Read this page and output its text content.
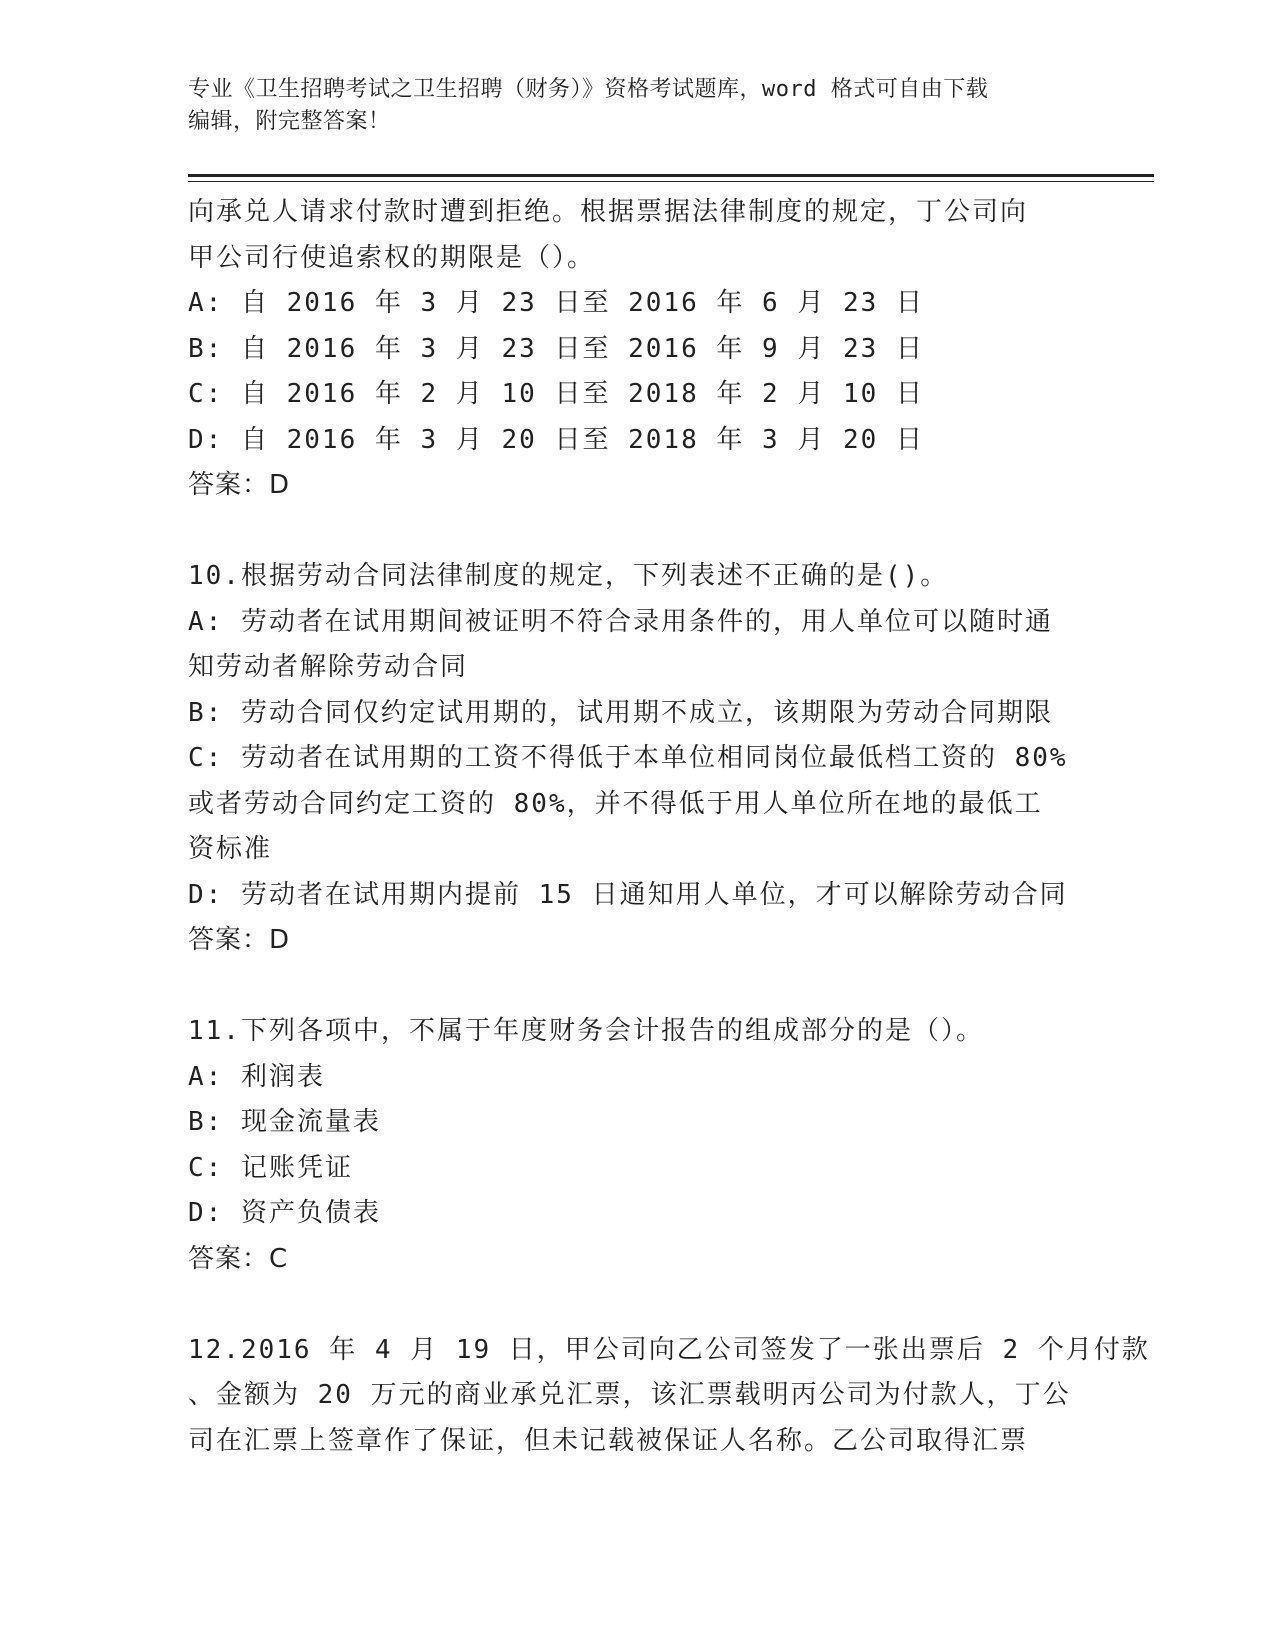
专业《卫生招聘考试之卫生招聘（财务）》资格考试题库，word 格式可自由下载
编辑，附完整答案！
向承兑人请求付款时遭到拒绝。根据票据法律制度的规定，丁公司向
甲公司行使追索权的期限是（）。
A: 自 2016 年 3 月 23 日至 2016 年 6 月 23 日
B: 自 2016 年 3 月 23 日至 2016 年 9 月 23 日
C: 自 2016 年 2 月 10 日至 2018 年 2 月 10 日
D: 自 2016 年 3 月 20 日至 2018 年 3 月 20 日
答案：D
10.根据劳动合同法律制度的规定，下列表述不正确的是()。
A: 劳动者在试用期间被证明不符合录用条件的，用人单位可以随时通
知劳动者解除劳动合同
B: 劳动合同仅约定试用期的，试用期不成立，该期限为劳动合同期限
C: 劳动者在试用期的工资不得低于本单位相同岗位最低档工资的 80%
或者劳动合同约定工资的 80%，并不得低于用人单位所在地的最低工
资标准
D: 劳动者在试用期内提前 15 日通知用人单位，才可以解除劳动合同
答案：D
11.下列各项中，不属于年度财务会计报告的组成部分的是（）。
A: 利润表
B: 现金流量表
C: 记账凭证
D: 资产负债表
答案：C
12.2016 年 4 月 19 日，甲公司向乙公司签发了一张出票后 2 个月付款
、金额为 20 万元的商业承兑汇票，该汇票载明丙公司为付款人，丁公
司在汇票上签章作了保证，但未记载被保证人名称。乙公司取得汇票
